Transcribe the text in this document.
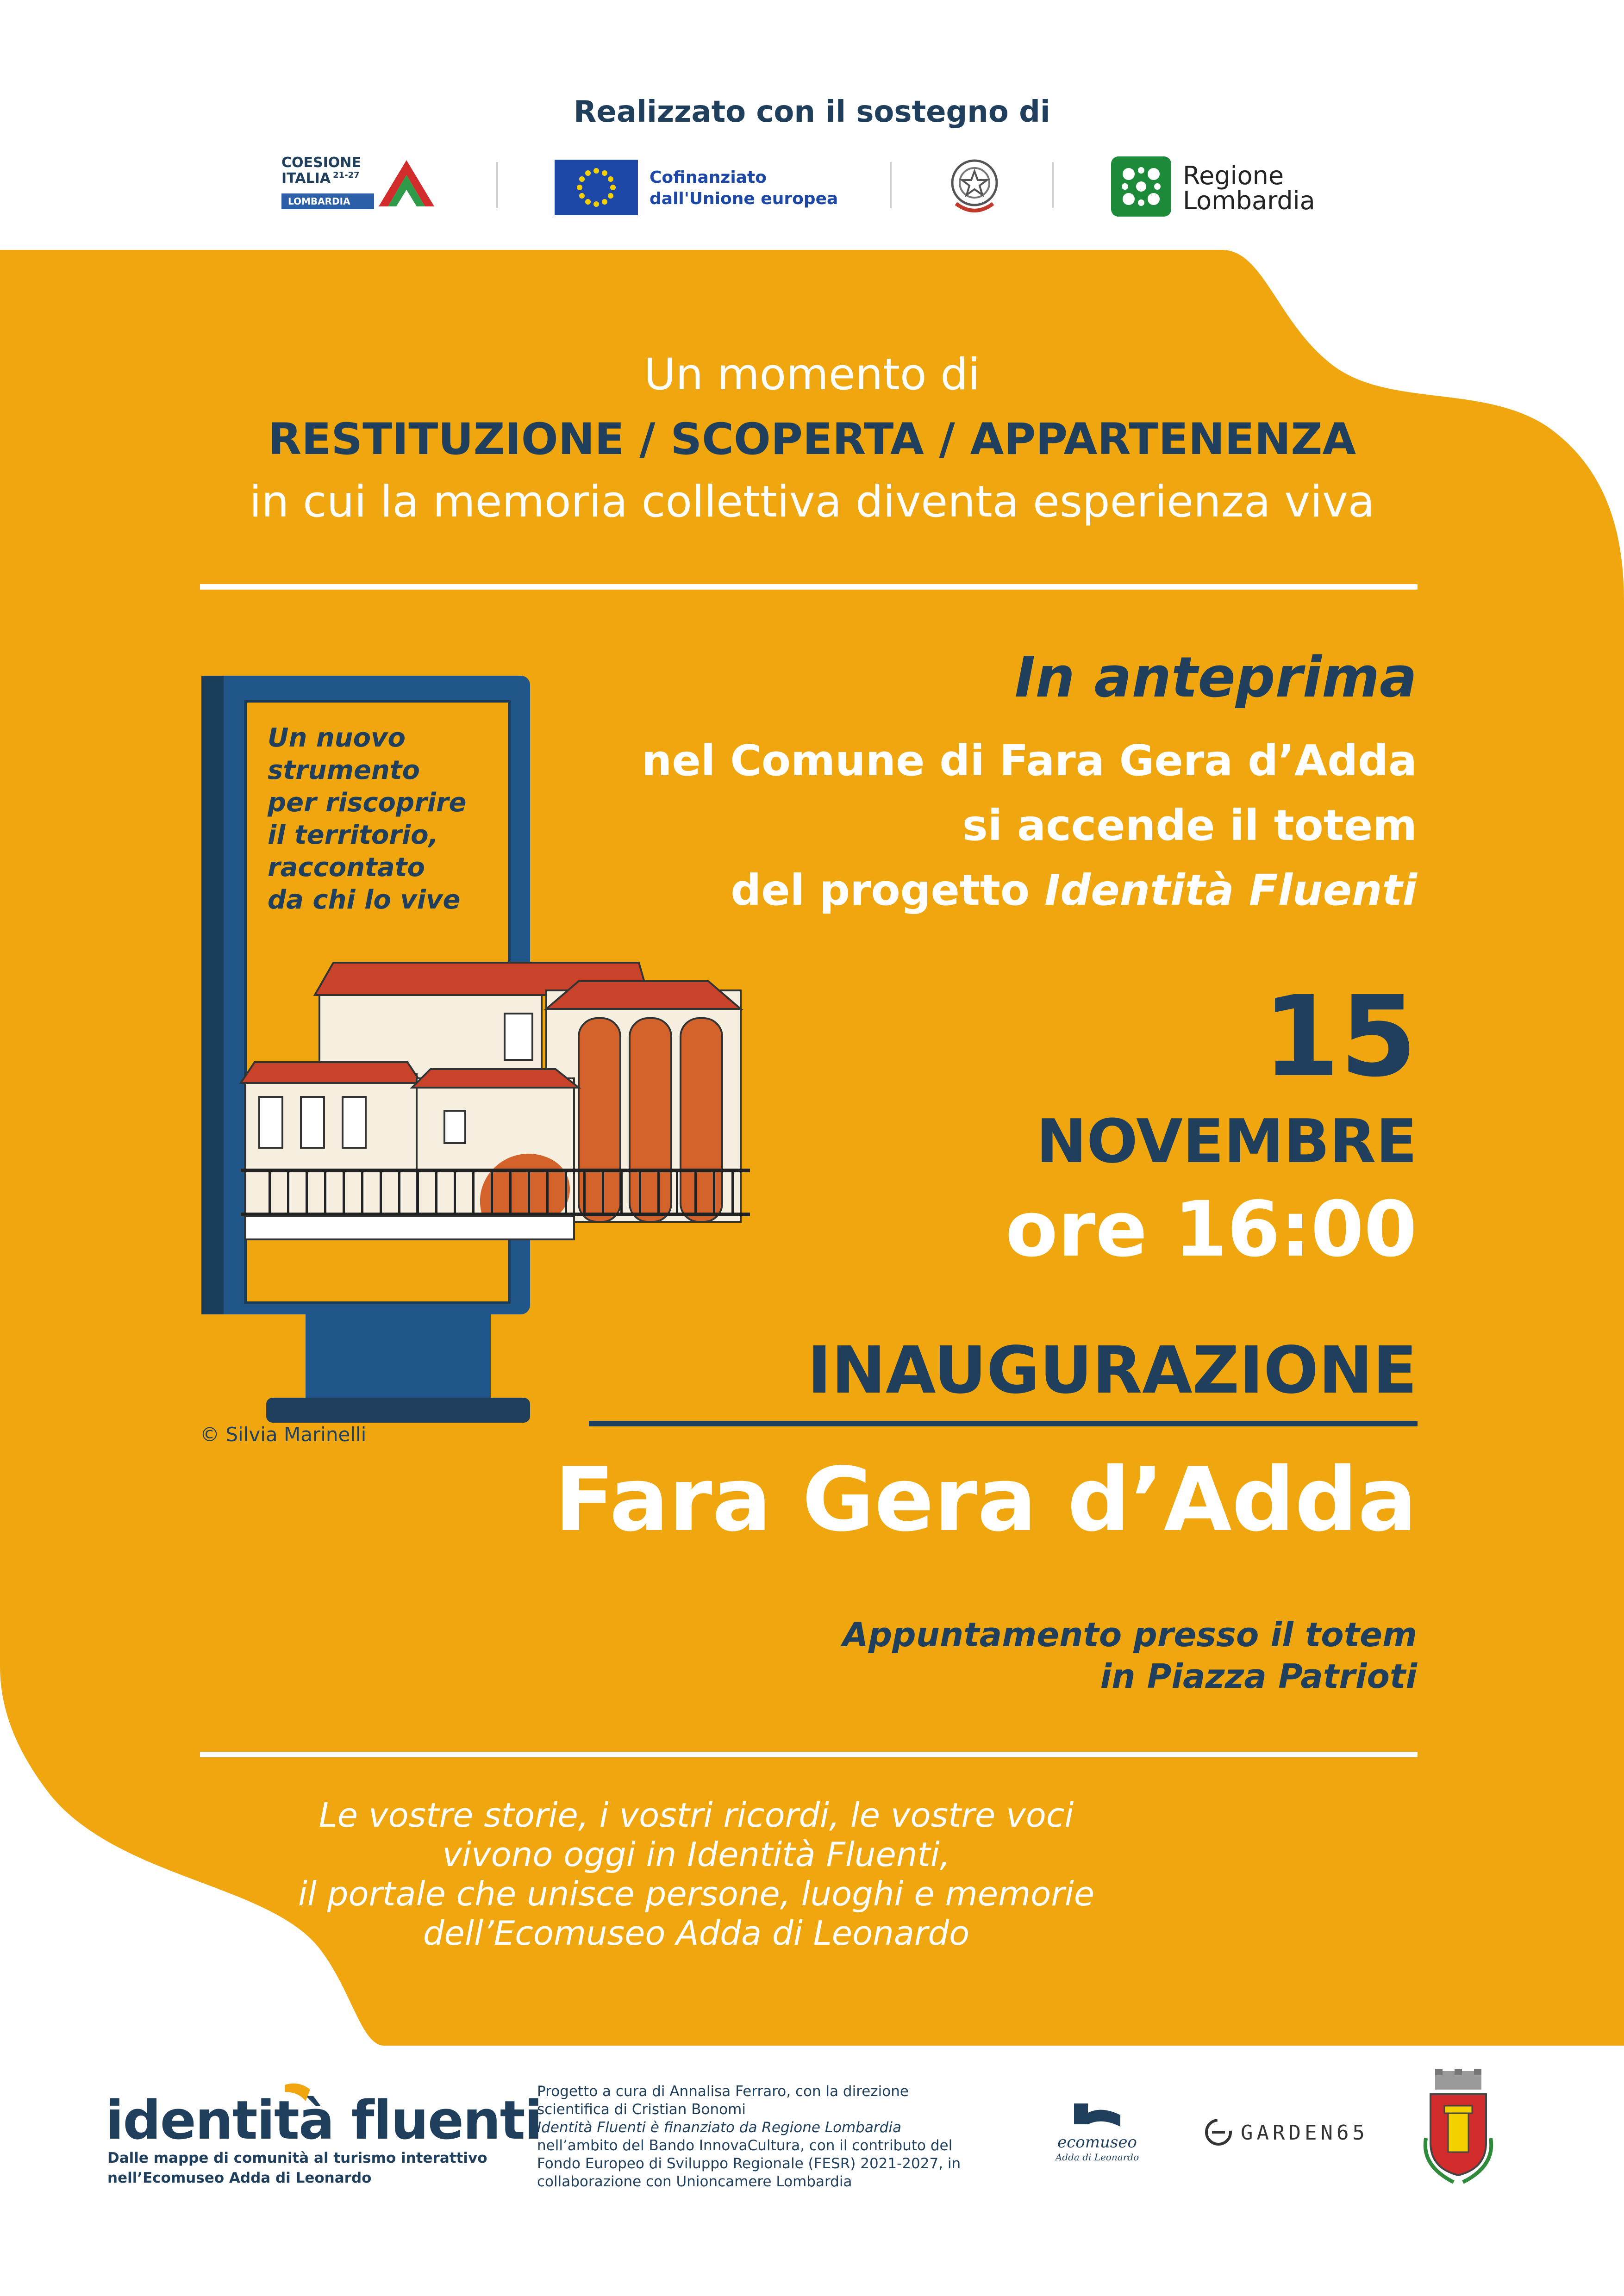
Realizzato con il sostegno di
COESIONE
ITALIA 21-27
LOMBARDIA
Cofinanziato
dall'Unione europea
Regione
Lombardia
Un momento di
RESTITUZIONE / SCOPERTA / APPARTENENZA
in cui la memoria collettiva diventa esperienza viva
Un nuovo
strumento
per riscoprire
il territorio,
raccontato
da chi lo vive
© Silvia Marinelli
In anteprima
nel Comune di Fara Gera d’Adda
si accende il totem
del progetto Identità Fluenti
15
NOVEMBRE
ore 16:00
INAUGURAZIONE
Fara Gera d’Adda
Appuntamento presso il totem
in Piazza Patrioti
Le vostre storie, i vostri ricordi, le vostre voci
vivono oggi in Identità Fluenti,
il portale che unisce persone, luoghi e memorie
dell’Ecomuseo Adda di Leonardo
identità fluenti
Dalle mappe di comunità al turismo interattivo
nell’Ecomuseo Adda di Leonardo
Progetto a cura di Annalisa Ferraro, con la direzione
scientifica di Cristian Bonomi
Identità Fluenti è finanziato da Regione Lombardia
nell’ambito del Bando InnovaCultura, con il contributo del
Fondo Europeo di Sviluppo Regionale (FESR) 2021-2027, in
collaborazione con Unioncamere Lombardia
ecomuseo
Adda di Leonardo
GARDEN65
